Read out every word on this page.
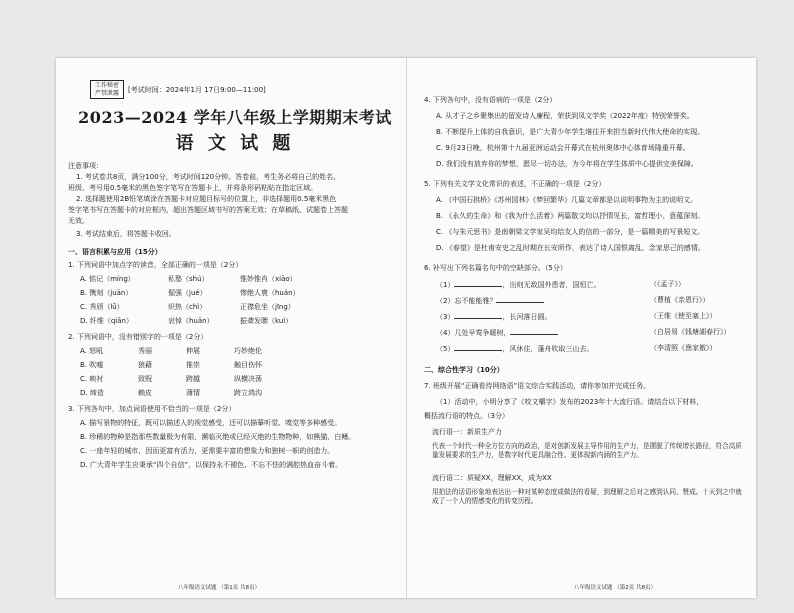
工作秘密
严禁泄露	[考试时间：2024年1月 17日9:00—11:00]
2023—2024 学年八年级上学期期末考试
语 文 试 题
注意事项：
1. 考试卷共8页，满分100分，考试时间120分钟。答卷前，考生务必将自己的姓名、
班级、考号用0.5毫米的黑色签字笔写在答题卡上，并将条形码粘贴在指定区域。
2. 选择题使用2B铅笔填涂在答题卡对应题目标号的位置上，非选择题用0.5毫米黑色
签字笔书写在答题卡的对应框内，超出答题区域书写的答案无效；在草稿纸、试题卷上答题
无效。
3. 考试结束后，将答题卡收回。
一、语言积累与应用（15分）
1. 下列词语中加点字的读音，全部正确的一项是（2分）
A. 铭记（míng）	私塾（shú）	惟妙惟肖（xiāo）
B. 镌刻（juān）	倔强（jué）	惨绝人寰（huán）
C. 秀颀（lǚ）	炽热（chì）	正襟危坐（jīng）
D. 纤维（qiān）	哀悼（huān）	振聋发聩（kuì）
2. 下列词语中，没有错别字的一项是（2分）
A. 怒吼	秀丽	伸展	巧妙绝伦
B. 吹嘘	狼藉	推崇	触目伤怀
C. 映衬	致贶	跨越	纵横决荡
D. 缔造	赖皮	薄情	跨立鸿沟
3. 下列各句中，加点词语使用不恰当的一项是（2分）
A. 描写景物的特征，既可以描述人的视觉感受，还可以描摹听觉、嗅觉等多种感受。
B. 珍稀的物种是指那些数量极为有限，濒临灭绝或已经灭绝的生物物种，如熊猫、白鳍。
C. 一座年轻的城市，因而更富有活力，更需要丰富的想象力和独树一帜的创造力。
D. 广大青年学生应秉承“四个自信”，以保持永不褪色、不忘不怯的满腔热血奋斗着。
八年级语文试题 （第1页 共8页）
4. 下列各句中，没有语病的一项是（2分）
A. 从才子之乡聚集出的留发诗人廉程，荣获到凤文学奖（2022年度）特别荣誉奖。
B. 不断提升上体的自我意识，是广大青少年学生继往开来担当新时代伟大使命的实现。
C. 9月23日晚，杭州第十九届亚洲运动会开幕式在杭州奥体中心体育场隆重开幕。
D. 我们没有放弃你的梦想，愿尽一切办法，为今年将在学生体质中心提供完美保障。
5. 下列有关文学文化常识的表述，不正确的一项是（2分）
A. 《中国石拱桥》《苏州园林》《梦回繁华》几篇文章都是以说明事物为主的说明文。
B. 《永久的生命》和《我为什么活着》两篇散文均以抒情见长，富哲理小、意蕴深刻。
C. 《与朱元思书》是南朝梁文学家吴均给友人的信的一部分，是一篇精美的写景短文。
D. 《春望》是杜甫安史之乱时期在长安所作，表达了诗人国恨离乱、念家思己的感情。
6. 补写出下列名篇名句中的空缺部分。（5分）
（1）	，出则无敌国外患者，国恒亡。	（《孟子》）
（2）忘不能能雅？	（曹植《亲恩行》）
（3）	，长河落日圆。	（王维《使至塞上》）
（4）几处早莺争暖树，	（白居易《钱塘湖春行》）
（5）	，风休住，蓬舟吹取三山去。	（李清照《渔家傲》）
二、综合性学习（10分）
7. 班级开展“正确看待网络语”语文综合实践活动，请你参加并完成任务。
（1）活动中，小明分享了《咬文嚼字》发布的2023年十大流行语。请结合以下材料，
概括流行语的特点。（3分）
流行语一：新质生产力
代表一个时代一种全方位方向的政治，是对创新发展主导作用的生产力，是摆脱了传统增长路径，符合高质量发展要求的生产力，是数字时代更具融合性、更体现新内涵的生产力。
流行语二：质疑XX，理解XX，成为XX
用拍法的话语形象地表达出一种对某种态度或做法的看疑，到理解之后对之感到认同、赞成。十天到之中就成了一个人的情感变化的转变历程。
八年级语文试题 （第2页 共8页）
